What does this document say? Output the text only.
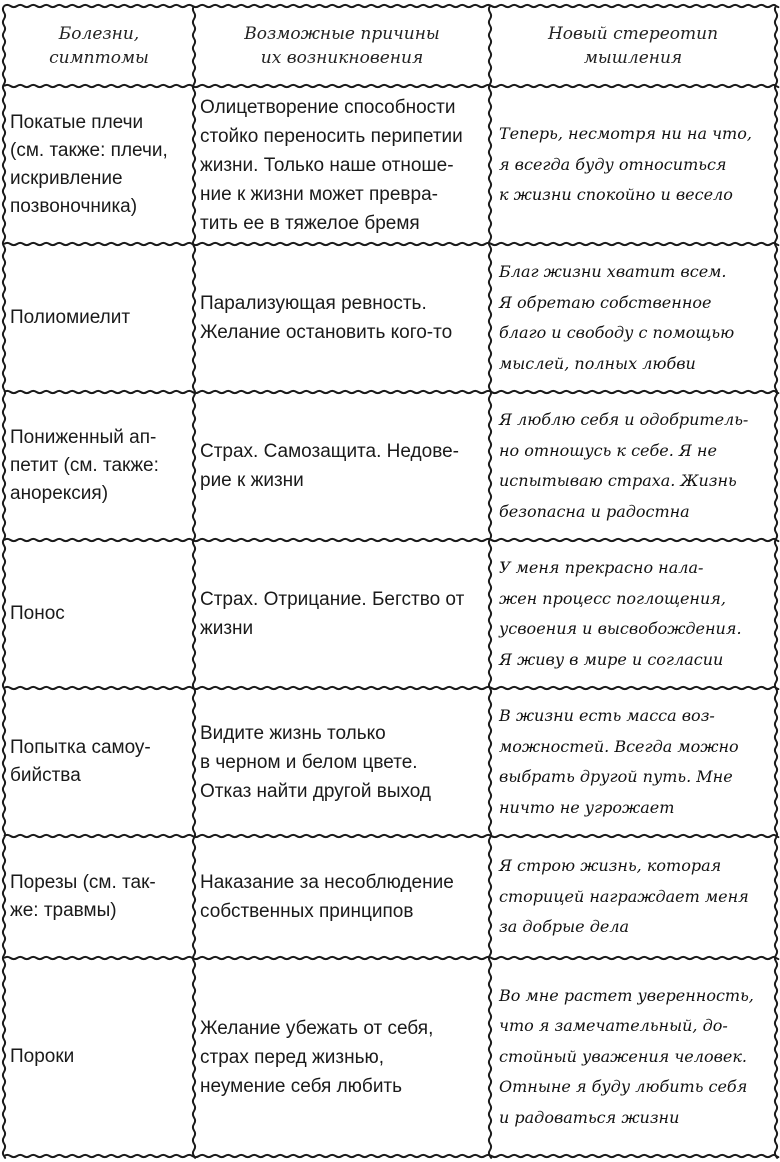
Болезни,
симптомы
Возможные причины
их возникновения
Новый стереотип
мышления
Покатые плечи
(см. также: плечи,
искривление
позвоночника)
Олицетворение способности
стойко переносить перипетии
жизни. Только наше отноше-
ние к жизни может превра-
тить ее в тяжелое бремя
Теперь, несмотря ни на что,
я всегда буду относиться
к жизни спокойно и весело
Полиомиелит
Парализующая ревность.
Желание остановить кого-то
Благ жизни хватит всем.
Я обретаю собственное
благо и свободу с помощью
мыслей, полных любви
Пониженный ап-
петит (см. также:
анорексия)
Страх. Самозащита. Недове-
рие к жизни
Я люблю себя и одобритель-
но отношусь к себе. Я не
испытываю страха. Жизнь
безопасна и радостна
Понос
Страх. Отрицание. Бегство от
жизни
У меня прекрасно нала-
жен процесс поглощения,
усвоения и высвобождения.
Я живу в мире и согласии
Попытка самоу-
бийства
Видите жизнь только
в черном и белом цвете.
Отказ найти другой выход
В жизни есть масса воз-
можностей. Всегда можно
выбрать другой путь. Мне
ничто не угрожает
Порезы (см. так-
же: травмы)
Наказание за несоблюдение
собственных принципов
Я строю жизнь, которая
сторицей награждает меня
за добрые дела
Пороки
Желание убежать от себя,
страх перед жизнью,
неумение себя любить
Во мне растет уверенность,
что я замечательный, до-
стойный уважения человек.
Отныне я буду любить себя
и радоваться жизни
